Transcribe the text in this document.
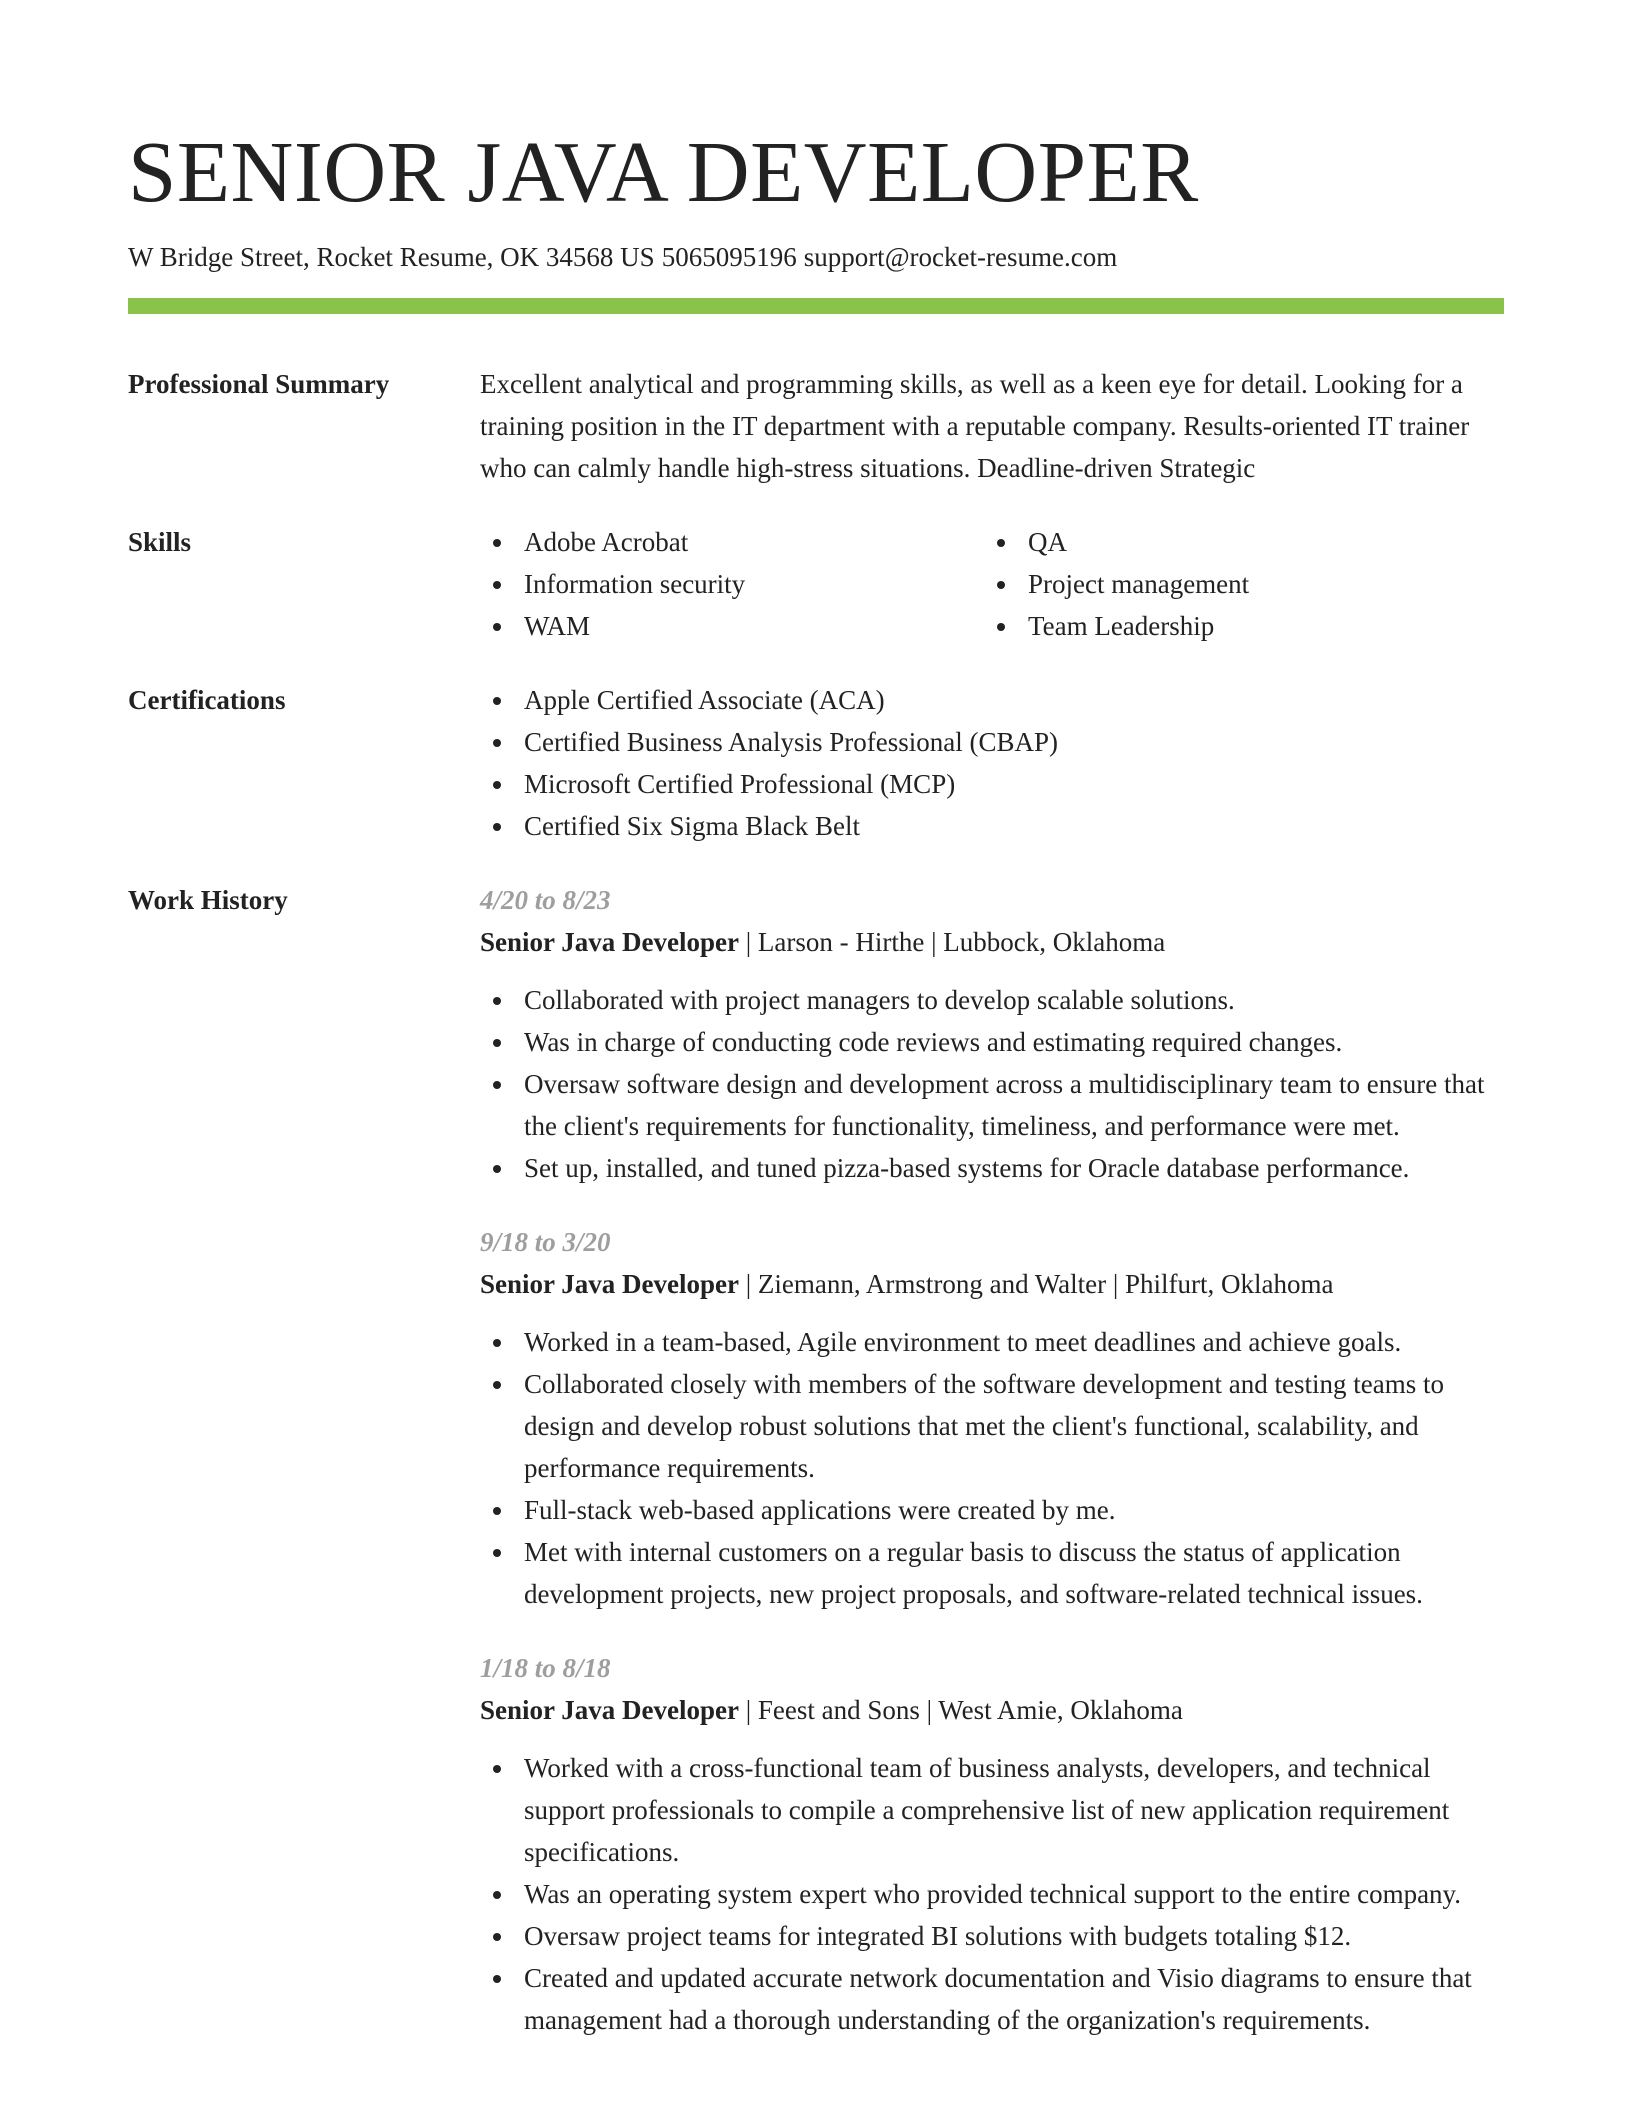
SENIOR JAVA DEVELOPER
W Bridge Street, Rocket Resume, OK 34568 US 5065095196 support@rocket-resume.com
Professional Summary	Excellent analytical and programming skills, as well as a keen eye for detail. Looking for a training position in the IT department with a reputable company. Results-oriented IT trainer who can calmly handle high-stress situations. Deadline-driven Strategic
Skills	Adobe Acrobat
Information security
WAM
QA
Project management
Team Leadership
Certifications	Apple Certified Associate (ACA)
Certified Business Analysis Professional (CBAP)
Microsoft Certified Professional (MCP)
Certified Six Sigma Black Belt
Work History	4/20 to 8/23
Senior Java Developer | Larson - Hirthe | Lubbock, Oklahoma
Collaborated with project managers to develop scalable solutions.
Was in charge of conducting code reviews and estimating required changes.
Oversaw software design and development across a multidisciplinary team to ensure that the client's requirements for functionality, timeliness, and performance were met.
Set up, installed, and tuned pizza-based systems for Oracle database performance.
9/18 to 3/20
Senior Java Developer | Ziemann, Armstrong and Walter | Philfurt, Oklahoma
Worked in a team-based, Agile environment to meet deadlines and achieve goals.
Collaborated closely with members of the software development and testing teams to design and develop robust solutions that met the client's functional, scalability, and performance requirements.
Full-stack web-based applications were created by me.
Met with internal customers on a regular basis to discuss the status of application development projects, new project proposals, and software-related technical issues.
1/18 to 8/18
Senior Java Developer | Feest and Sons | West Amie, Oklahoma
Worked with a cross-functional team of business analysts, developers, and technical support professionals to compile a comprehensive list of new application requirement specifications.
Was an operating system expert who provided technical support to the entire company.
Oversaw project teams for integrated BI solutions with budgets totaling $12.
Created and updated accurate network documentation and Visio diagrams to ensure that management had a thorough understanding of the organization's requirements.
